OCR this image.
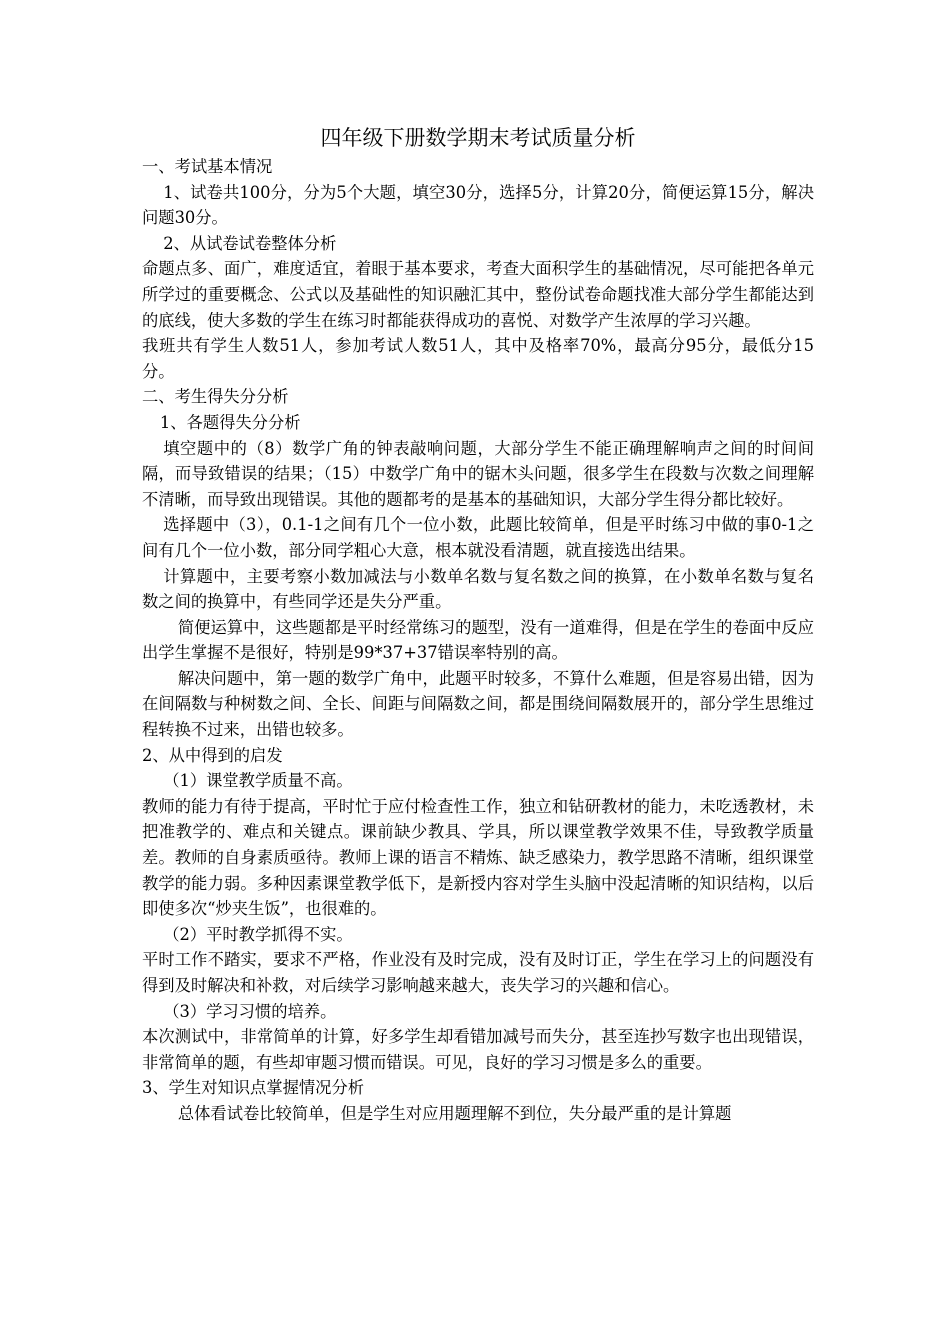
四年级下册数学期末考试质量分析

一、考试基本情况

1、试卷共100分，分为5个大题，填空30分，选择5分，计算20分，简便运算15分，解决问题30分。

2、从试卷试卷整体分析

命题点多、面广，难度适宜，着眼于基本要求，考查大面积学生的基础情况，尽可能把各单元所学过的重要概念、公式以及基础性的知识融汇其中，整份试卷命题找准大部分学生都能达到的底线，使大多数的学生在练习时都能获得成功的喜悦、对数学产生浓厚的学习兴趣。

我班共有学生人数51人，参加考试人数51人，其中及格率70%，最高分95分，最低分15分。

二、考生得失分分析

1、各题得失分分析

填空题中的（8）数学广角的钟表敲响问题，大部分学生不能正确理解响声之间的时间间隔，而导致错误的结果；（15）中数学广角中的锯木头问题，很多学生在段数与次数之间理解不清晰，而导致出现错误。其他的题都考的是基本的基础知识，大部分学生得分都比较好。

选择题中（3），0.1-1之间有几个一位小数，此题比较简单，但是平时练习中做的事0-1之间有几个一位小数，部分同学粗心大意，根本就没看清题，就直接选出结果。

计算题中，主要考察小数加减法与小数单名数与复名数之间的换算，在小数单名数与复名数之间的换算中，有些同学还是失分严重。

简便运算中，这些题都是平时经常练习的题型，没有一道难得，但是在学生的卷面中反应出学生掌握不是很好，特别是99*37+37错误率特别的高。

解决问题中，第一题的数学广角中，此题平时较多，不算什么难题，但是容易出错，因为在间隔数与种树数之间、全长、间距与间隔数之间，都是围绕间隔数展开的，部分学生思维过程转换不过来，出错也较多。

2、从中得到的启发

（1）课堂教学质量不高。

教师的能力有待于提高，平时忙于应付检查性工作，独立和钻研教材的能力，未吃透教材，未把准教学的、难点和关键点。课前缺少教具、学具，所以课堂教学效果不佳，导致教学质量差。教师的自身素质亟待。教师上课的语言不精炼、缺乏感染力，教学思路不清晰，组织课堂教学的能力弱。多种因素课堂教学低下，是新授内容对学生头脑中没起清晰的知识结构，以后即使多次“炒夹生饭”，也很难的。

（2）平时教学抓得不实。

平时工作不踏实，要求不严格，作业没有及时完成，没有及时订正，学生在学习上的问题没有得到及时解决和补救，对后续学习影响越来越大，丧失学习的兴趣和信心。

（3）学习习惯的培养。

本次测试中，非常简单的计算，好多学生却看错加减号而失分，甚至连抄写数字也出现错误，非常简单的题，有些却审题习惯而错误。可见，良好的学习习惯是多么的重要。

3、学生对知识点掌握情况分析

总体看试卷比较简单，但是学生对应用题理解不到位，失分最严重的是计算题
